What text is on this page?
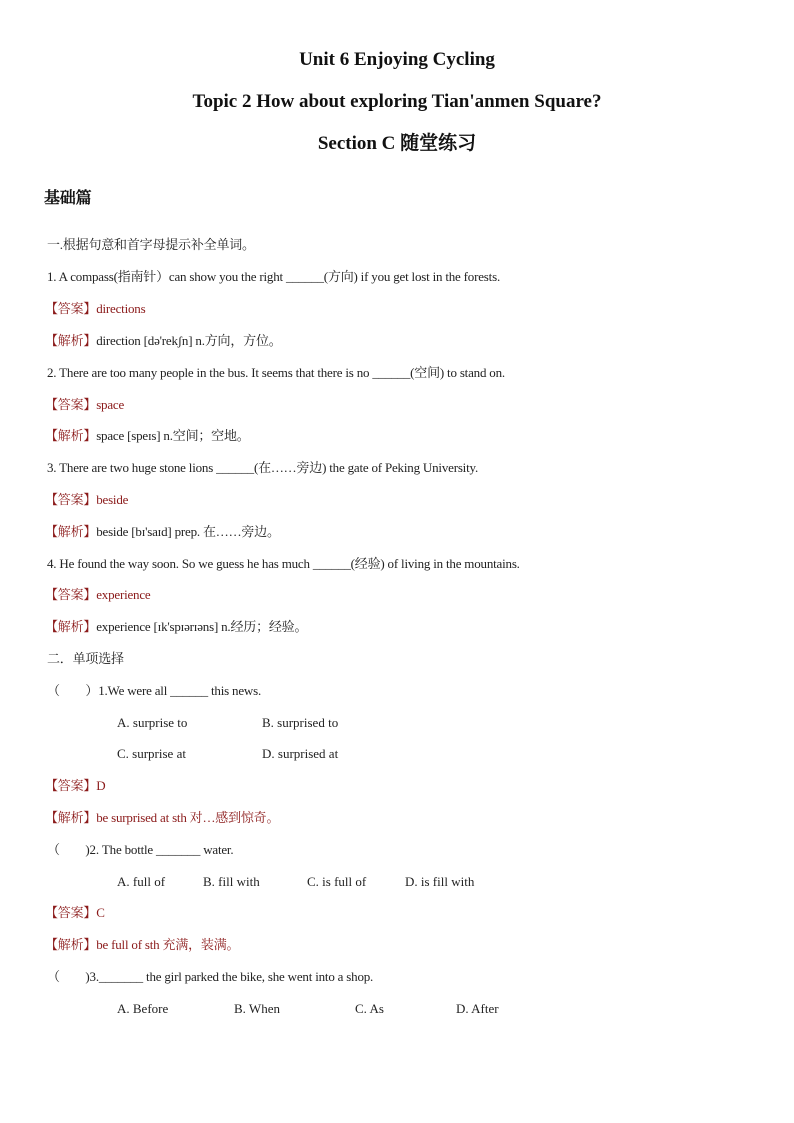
Unit 6 Enjoying Cycling
Topic 2 How about exploring Tian'anmen Square?
Section C 随堂练习
基础篇
一.根据句意和首字母提示补全单词。
1. A compass(指南针）can show you the right ______(方向) if you get lost in the forests.
【答案】directions
【解析】direction [də'rekʃn] n.方向，方位。
2. There are too many people in the bus. It seems that there is no ______(空间) to stand on.
【答案】space
【解析】space [speɪs] n.空间；空地。
3. There are two huge stone lions ______(在……旁边) the gate of Peking University.
【答案】beside
【解析】beside [bɪ'saɪd] prep. 在……旁边。
4. He found the way soon. So we guess he has much ______(经验) of living in the mountains.
【答案】experience
【解析】experience [ɪk'spɪərɪəns] n.经历；经验。
二．单项选择
（　　）1.We were all ______ this news.
A. surprise to	B. surprised to
C. surprise at	D. surprised at
【答案】D
【解析】be surprised at sth 对…感到惊奇。
（　　)2. The bottle _______ water.
A. full of	B. fill with	C. is full of	D. is fill with
【答案】C
【解析】be full of sth 充满，装满。
（　　)3._______ the girl parked the bike, she went into a shop.
A. Before	B. When	C. As	D. After
